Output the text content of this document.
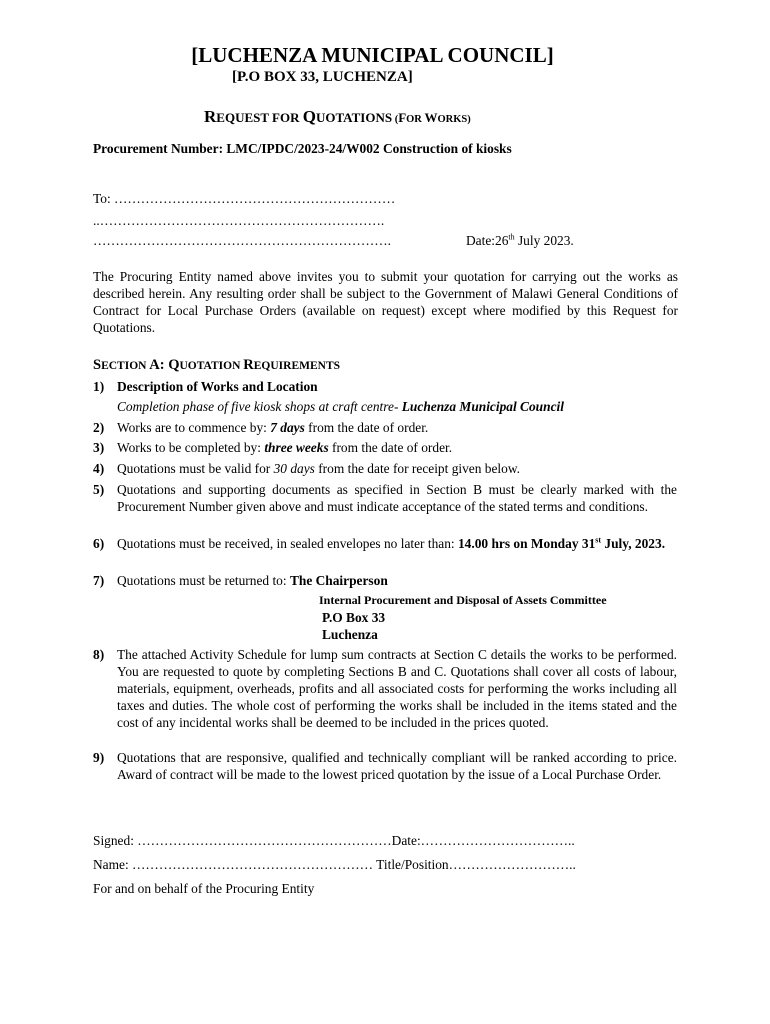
[LUCHENZA MUNICIPAL COUNCIL]
[P.O BOX 33, LUCHENZA]
REQUEST FOR QUOTATIONS (FOR WORKS)
Procurement Number: LMC/IPDC/2023-24/W002 Construction of kiosks
To: ………………………………………………………
..……………………………………………………….
………………………………………………………….	Date:26th July 2023.
The Procuring Entity named above invites you to submit your quotation for carrying out the works as described herein. Any resulting order shall be subject to the Government of Malawi General Conditions of Contract for Local Purchase Orders (available on request) except where modified by this Request for Quotations.
SECTION A: QUOTATION REQUIREMENTS
1) Description of Works and Location
Completion phase of five kiosk shops at craft centre- Luchenza Municipal Council
2) Works are to commence by: 7 days from the date of order.
3) Works to be completed by: three weeks from the date of order.
4) Quotations must be valid for 30 days from the date for receipt given below.
5) Quotations and supporting documents as specified in Section B must be clearly marked with the Procurement Number given above and must indicate acceptance of the stated terms and conditions.
6) Quotations must be received, in sealed envelopes no later than: 14.00 hrs on Monday 31st July, 2023.
7) Quotations must be returned to: The Chairperson
Internal Procurement and Disposal of Assets Committee
P.O Box 33
Luchenza
8) The attached Activity Schedule for lump sum contracts at Section C details the works to be performed. You are requested to quote by completing Sections B and C. Quotations shall cover all costs of labour, materials, equipment, overheads, profits and all associated costs for performing the works including all taxes and duties. The whole cost of performing the works shall be included in the items stated and the cost of any incidental works shall be deemed to be included in the prices quoted.
9) Quotations that are responsive, qualified and technically compliant will be ranked according to price. Award of contract will be made to the lowest priced quotation by the issue of a Local Purchase Order.
Signed: …………………………………………………Date:……………………………..
Name: ……………………………………………… Title/Position………………………..
For and on behalf of the Procuring Entity
